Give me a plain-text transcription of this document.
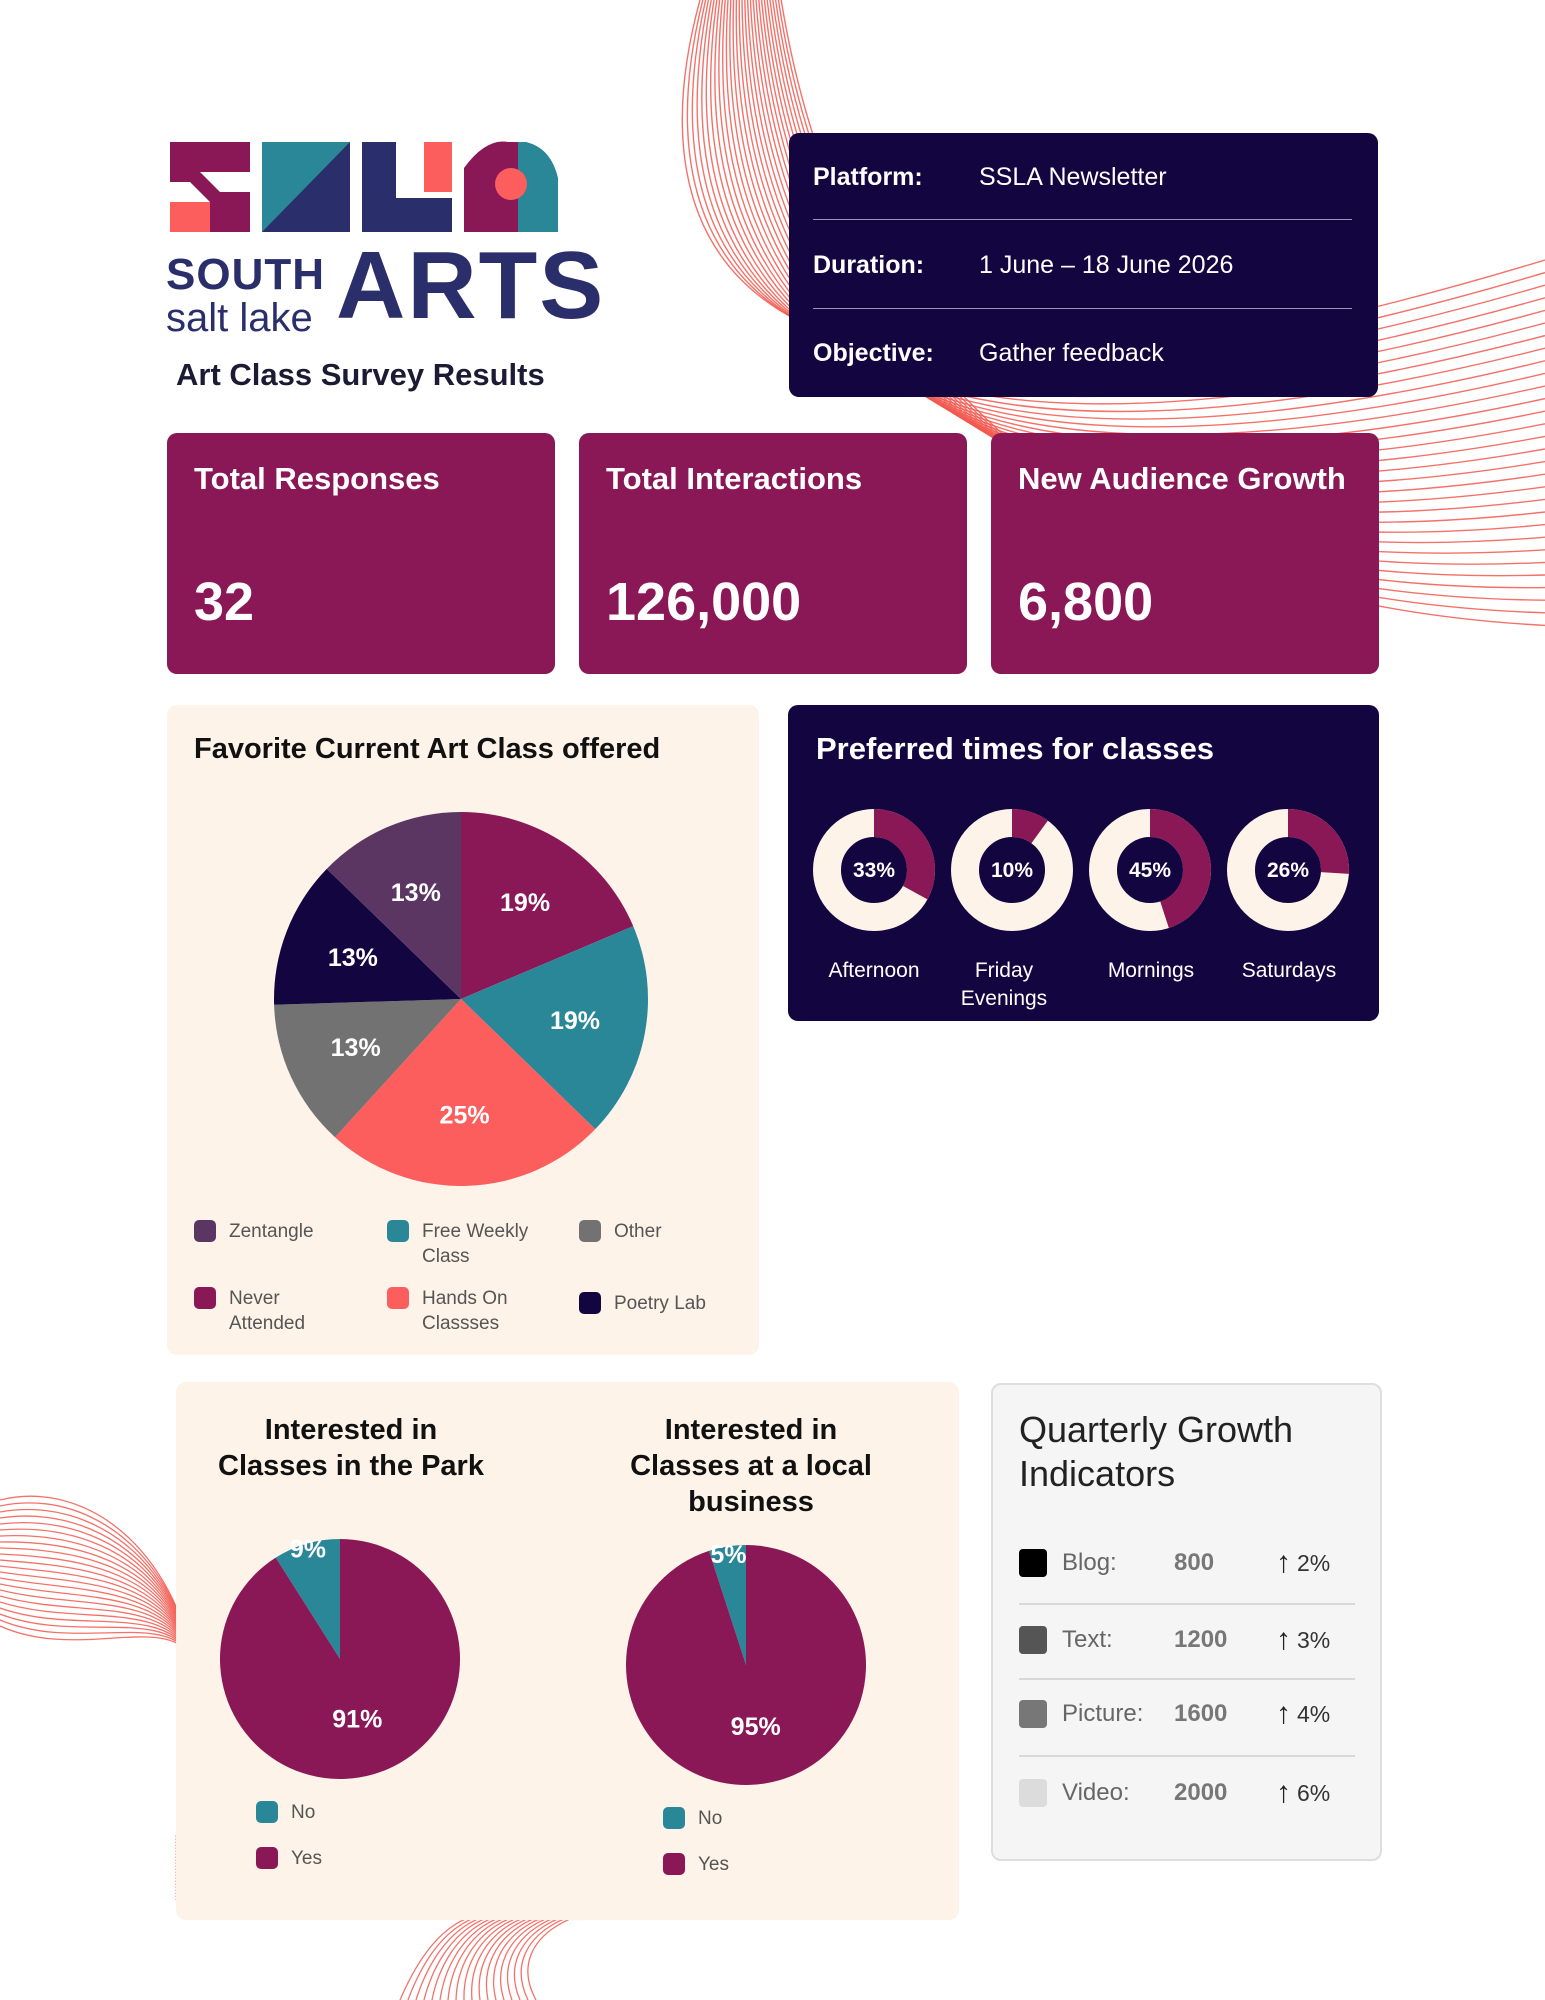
SOUTH
salt lake ARTS
Art Class Survey Results
Platform:	SSLA Newsletter
Duration:	1 June – 18 June 2026
Objective:	Gather feedback
Total Responses
32
Total Interactions
126,000
New Audience Growth
6,800
Favorite Current Art Class offered
19%
19%
25%
13%
13%
13%
Zentangle	Free Weekly Class
Other
Never Attended
Hands On Classses
Poetry Lab
Preferred times for classes
33%	10%	45%	26%
Afternoon	Friday Evenings
Mornings	Saturdays
Interested in
Classes in the Park
Interested in
Classes at a local
business
9%
91%
5%
95%
No
Yes
No
Yes
Quarterly Growth
Indicators
Blog:	800	↑ 2%
Text:	1200	↑ 3%
Picture:	1600	↑ 4%
Video:	2000	↑ 6%
